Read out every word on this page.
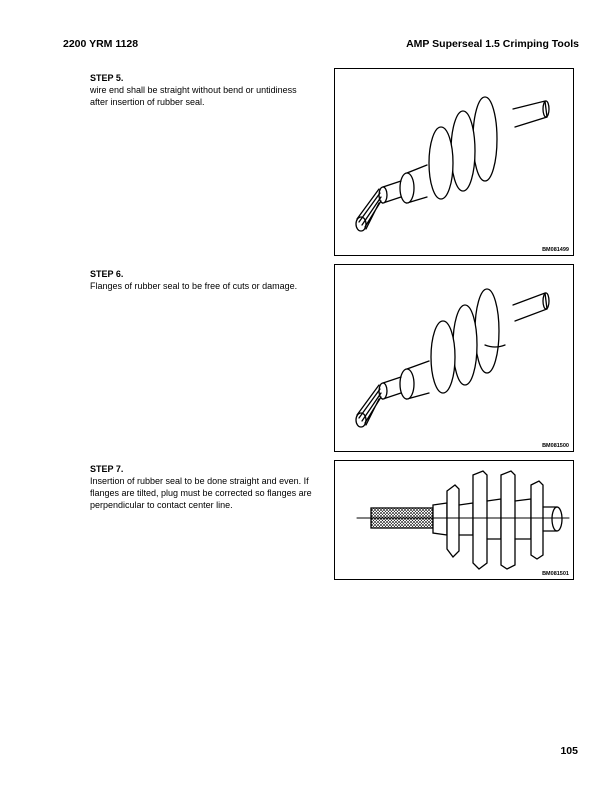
2200 YRM 1128	AMP Superseal 1.5 Crimping Tools
STEP 5.
wire end shall be straight without bend or untidiness after insertion of rubber seal.
BM081499
STEP 6.
Flanges of rubber seal to be free of cuts or damage.
BM081500
STEP 7.
Insertion of rubber seal to be done straight and even. If flanges are tilted, plug must be corrected so flanges are perpendicular to contact center line.
BM081501
105
